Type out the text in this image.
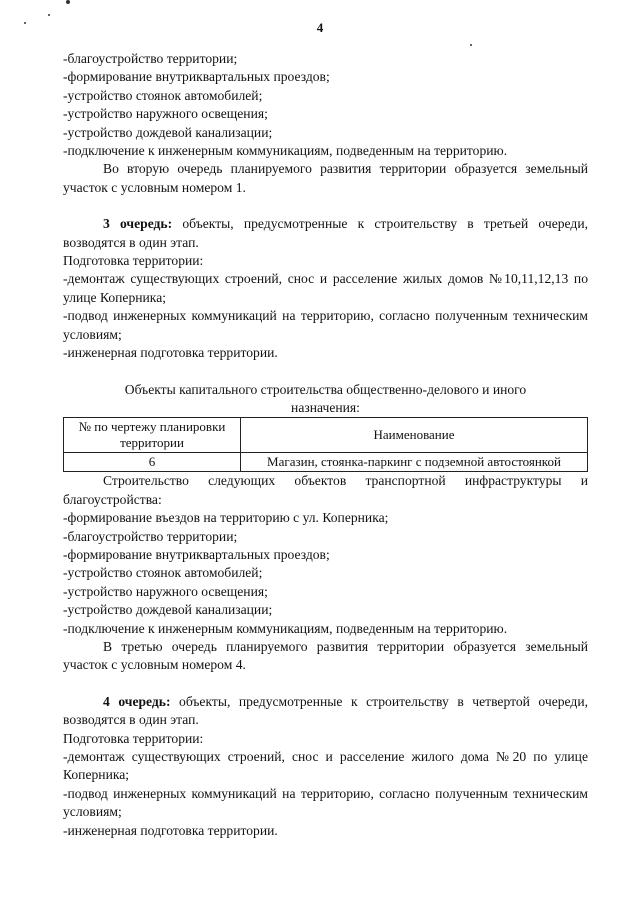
4

-благоустройство территории;

-формирование внутриквартальных проездов;

-устройство стоянок автомобилей;

-устройство наружного освещения;

-устройство дождевой канализации;

-подключение к инженерным коммуникациям, подведенным на территорию.

Во вторую очередь планируемого развития территории образуется земельный участок с условным номером 1.

3 очередь: объекты, предусмотренные к строительству в третьей очереди, возводятся в один этап.

Подготовка территории:

-демонтаж существующих строений, снос и расселение жилых домов №10,11,12,13 по улице Коперника;

-подвод инженерных коммуникаций на территорию, согласно полученным техническим условиям;

-инженерная подготовка территории.

Объекты капитального строительства общественно-делового и иного назначения:

№ по чертежу планировки территории	Наименование
6	Магазин, стоянка-паркинг с подземной автостоянкой

Строительство следующих объектов транспортной инфраструктуры и благоустройства:

-формирование въездов на территорию с ул. Коперника;

-благоустройство территории;

-формирование внутриквартальных проездов;

-устройство стоянок автомобилей;

-устройство наружного освещения;

-устройство дождевой канализации;

-подключение к инженерным коммуникациям, подведенным на территорию.

В третью очередь планируемого развития территории образуется земельный участок с условным номером 4.

4 очередь: объекты, предусмотренные к строительству в четвертой очереди, возводятся в один этап.

Подготовка территории:

-демонтаж существующих строений, снос и расселение жилого дома №20 по улице Коперника;

-подвод инженерных коммуникаций на территорию, согласно полученным техническим условиям;

-инженерная подготовка территории.
